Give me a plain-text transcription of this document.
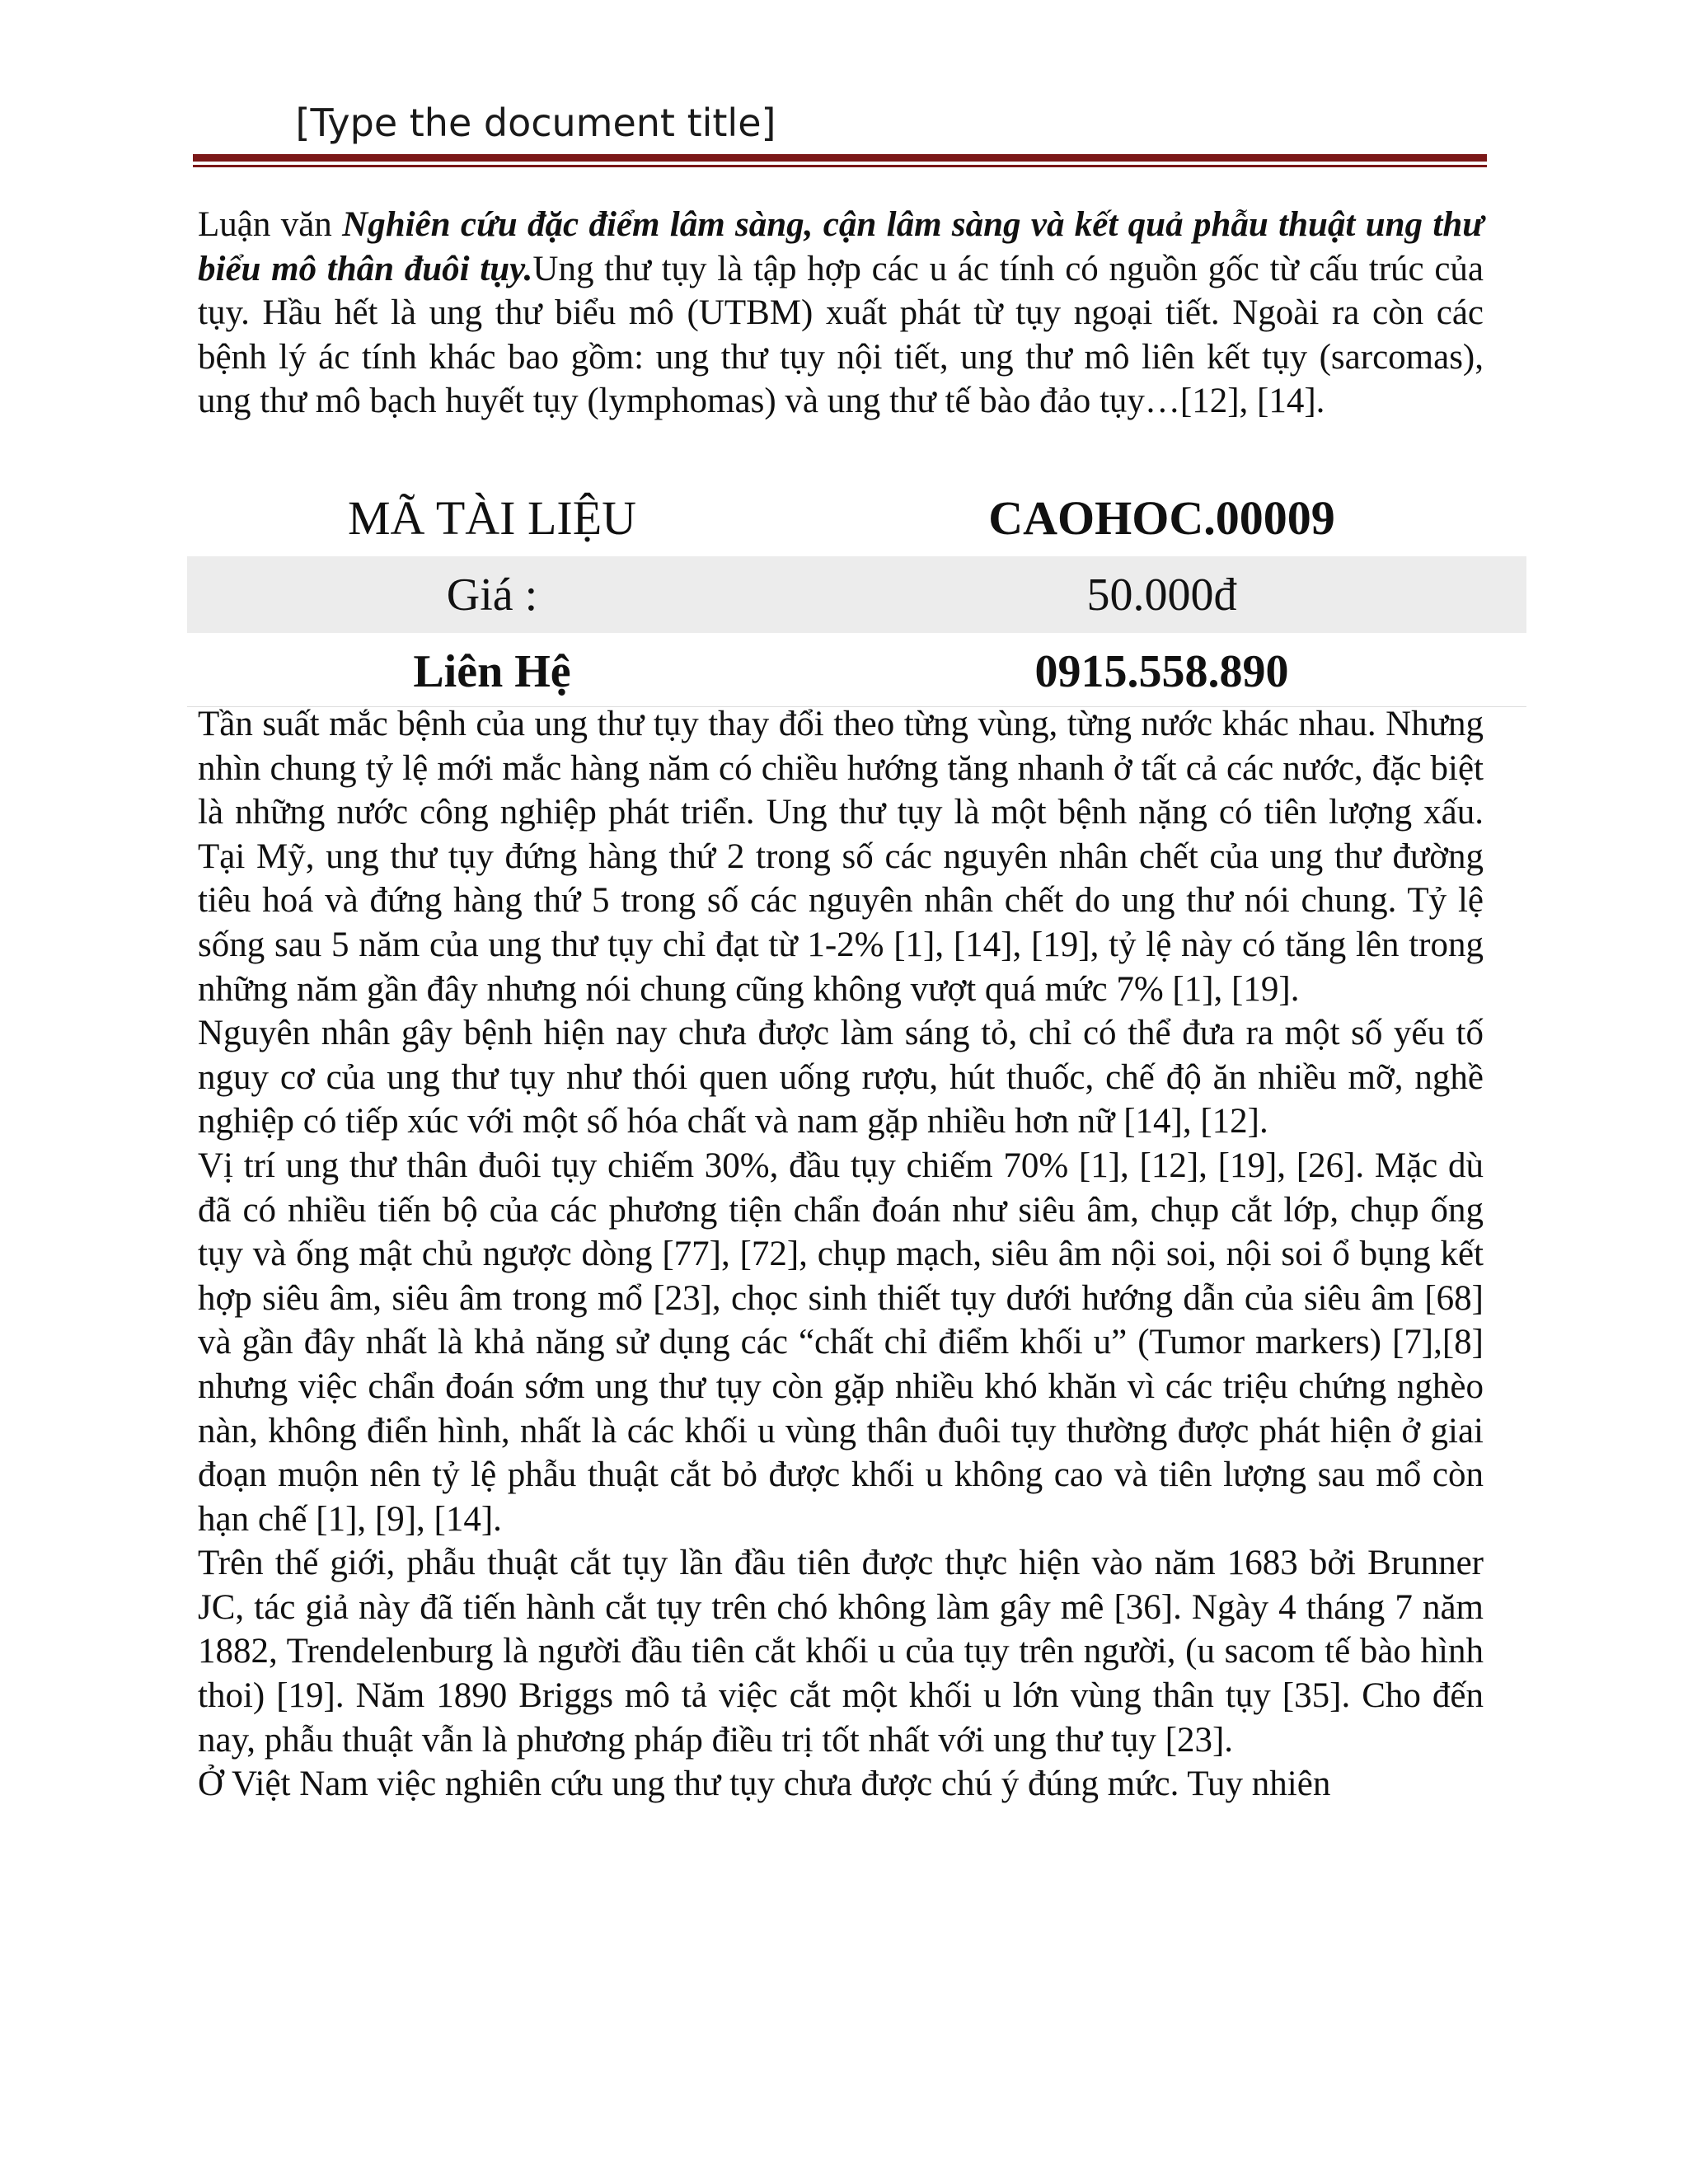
[Type the document title]

Luận văn Nghiên cứu đặc điểm lâm sàng, cận lâm sàng và kết quả phẫu thuật ung thư biểu mô thân đuôi tụy.Ung thư tụy là tập hợp các u ác tính có nguồn gốc từ cấu trúc của tụy. Hầu hết là ung thư biểu mô (UTBM) xuất phát từ tụy ngoại tiết. Ngoài ra còn các bệnh lý ác tính khác bao gồm: ung thư tụy nội tiết, ung thư mô liên kết tụy (sarcomas), ung thư mô bạch huyết tụy (lymphomas) và ung thư tế bào đảo tụy…[12], [14].

MÃ TÀI LIỆU	CAOHOC.00009
Giá :	50.000đ
Liên Hệ	0915.558.890

Tần suất mắc bệnh của ung thư tụy thay đổi theo từng vùng, từng nước khác nhau. Nhưng nhìn chung tỷ lệ mới mắc hàng năm có chiều hướng tăng nhanh ở tất cả các nước, đặc biệt là những nước công nghiệp phát triển. Ung thư tụy là một bệnh nặng có tiên lượng xấu. Tại Mỹ, ung thư tụy đứng hàng thứ 2 trong số các nguyên nhân chết của ung thư đường tiêu hoá và đứng hàng thứ 5 trong số các nguyên nhân chết do ung thư nói chung. Tỷ lệ sống sau 5 năm của ung thư tụy chỉ đạt từ 1-2% [1], [14], [19], tỷ lệ này có tăng lên trong những năm gần đây nhưng nói chung cũng không vượt quá mức 7% [1], [19].

Nguyên nhân gây bệnh hiện nay chưa được làm sáng tỏ, chỉ có thể đưa ra một số yếu tố nguy cơ của ung thư tụy như thói quen uống rượu, hút thuốc, chế độ ăn nhiều mỡ, nghề nghiệp có tiếp xúc với một số hóa chất và nam gặp nhiều hơn nữ [14], [12].

Vị trí ung thư thân đuôi tụy chiếm 30%, đầu tụy chiếm 70% [1], [12], [19], [26]. Mặc dù đã có nhiều tiến bộ của các phương tiện chẩn đoán như siêu âm, chụp cắt lớp, chụp ống tụy và ống mật chủ ngược dòng [77], [72], chụp mạch, siêu âm nội soi, nội soi ổ bụng kết hợp siêu âm, siêu âm trong mổ [23], chọc sinh thiết tụy dưới hướng dẫn của siêu âm [68] và gần đây nhất là khả năng sử dụng các “chất chỉ điểm khối u” (Tumor markers) [7],[8] nhưng việc chẩn đoán sớm ung thư tụy còn gặp nhiều khó khăn vì các triệu chứng nghèo nàn, không điển hình, nhất là các khối u vùng thân đuôi tụy thường được phát hiện ở giai đoạn muộn nên tỷ lệ phẫu thuật cắt bỏ được khối u không cao và tiên lượng sau mổ còn hạn chế [1], [9], [14].

Trên thế giới, phẫu thuật cắt tụy lần đầu tiên được thực hiện vào năm 1683 bởi Brunner JC, tác giả này đã tiến hành cắt tụy trên chó không làm gây mê [36]. Ngày 4 tháng 7 năm 1882, Trendelenburg là người đầu tiên cắt khối u của tụy trên người, (u sacom tế bào hình thoi) [19]. Năm 1890 Briggs mô tả việc cắt một khối u lớn vùng thân tụy [35]. Cho đến nay, phẫu thuật vẫn là phương pháp điều trị tốt nhất với ung thư tụy [23].

Ở Việt Nam việc nghiên cứu ung thư tụy chưa được chú ý đúng mức. Tuy nhiên
